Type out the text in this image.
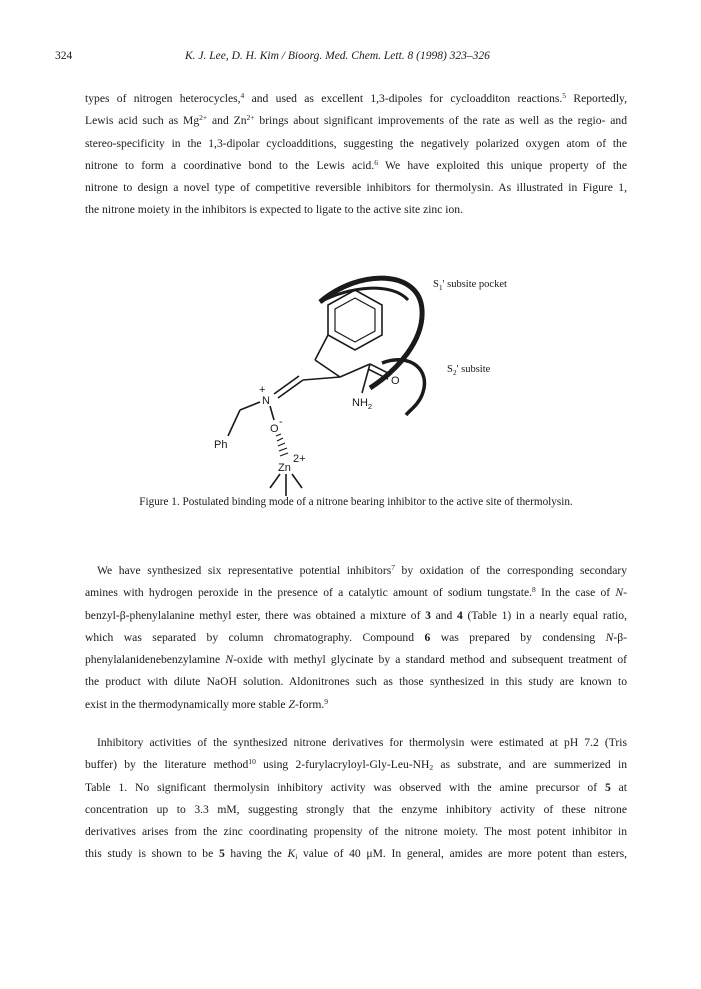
324	K. J. Lee, D. H. Kim / Bioorg. Med. Chem. Lett. 8 (1998) 323–326
types of nitrogen heterocycles,$^4$ and used as excellent 1,3-dipoles for cycloadditon reactions.$^5$ Reportedly,
Lewis acid such as $Mg^{2+}$ and $Zn^{2+}$ brings about significant improvements of the rate as well as the regio- and
stereo-specificity in the 1,3-dipolar cycloadditions, suggesting the negatively polarized oxygen atom of the
nitrone to form a coordinative bond to the Lewis acid.$^6$ We have exploited this unique property of the
nitrone to design a novel type of competitive reversible inhibitors for thermolysin. As illustrated in Figure 1,
the nitrone moiety in the inhibitors is expected to ligate to the active site zinc ion.
$S_1'$ subsite pocket
$S_2'$ subsite
O
$NH_2$
N
+
O
-
Ph
Zn
2+
Figure 1. Postulated binding mode of a nitrone bearing inhibitor to the active site of thermolysin.
We have synthesized six representative potential inhibitors$^7$ by oxidation of the corresponding secondary
amines with hydrogen peroxide in the presence of a catalytic amount of sodium tungstate.$^8$ In the case of N-
benzyl-β-phenylalanine methyl ester, there was obtained a mixture of 3 and 4 (Table 1) in a nearly equal ratio,
which was separated by column chromatography. Compound 6 was prepared by condensing N-β-
phenylalanidenebenzylamine N-oxide with methyl glycinate by a standard method and subsequent treatment of
the product with dilute NaOH solution. Aldonitrones such as those synthesized in this study are known to
exist in the thermodynamically more stable Z-form.$^9$
Inhibitory activities of the synthesized nitrone derivatives for thermolysin were estimated at pH 7.2 (Tris
buffer) by the literature method$^{10}$ using $2-furylacryloyl-Gly-Leu-NH_2$ as substrate, and are summerized in
Table 1. No significant thermolysin inhibitory activity was observed with the amine precursor of 5 at
concentration up to 3.3 mM, suggesting strongly that the enzyme inhibitory activity of these nitrone
derivatives arises from the zinc coordinating propensity of the nitrone moiety. The most potent inhibitor in
this study is shown to be 5 having the $K_i$ value of 40 μM. In general, amides are more potent than esters,
